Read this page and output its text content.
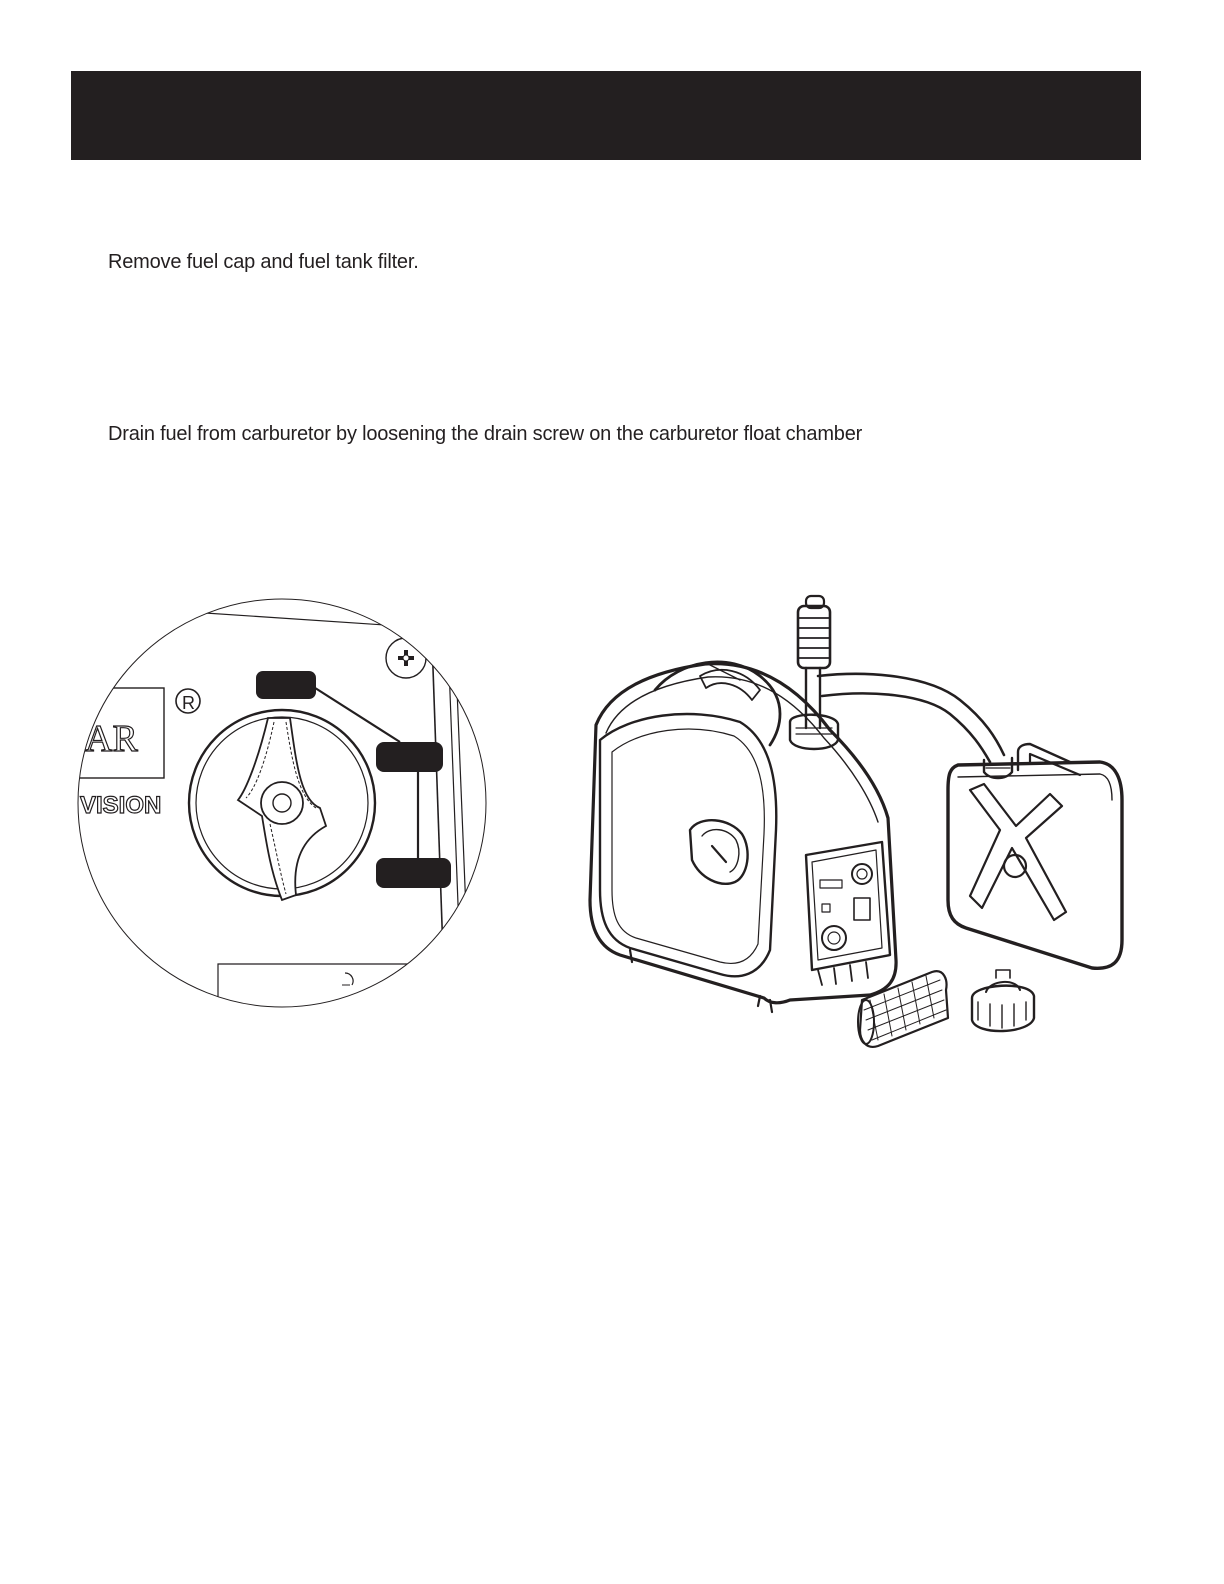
Remove fuel cap and fuel tank filter.
Drain fuel from carburetor by loosening the drain screw on the carburetor float chamber
AR
VISION
R
